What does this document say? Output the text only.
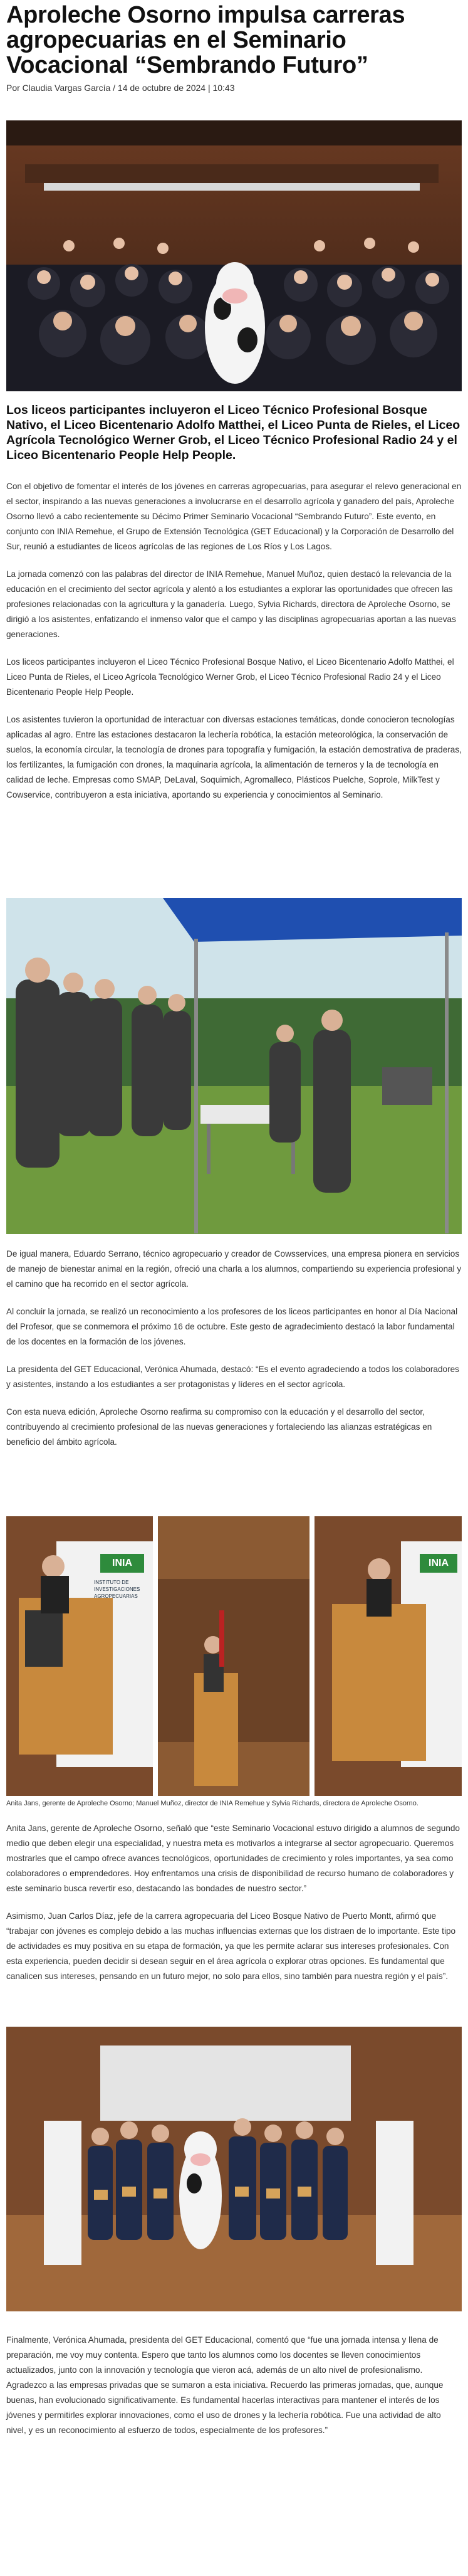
Aproleche Osorno impulsa carreras agropecuarias en el Seminario Vocacional “Sembrando Futuro”
Por Claudia Vargas García / 14 de octubre de 2024 | 10:43

Los liceos participantes incluyeron el Liceo Técnico Profesional Bosque Nativo, el Liceo Bicentenario Adolfo Matthei, el Liceo Punta de Rieles, el Liceo Agrícola Tecnológico Werner Grob, el Liceo Técnico Profesional Radio 24 y el Liceo Bicentenario People Help People.

Con el objetivo de fomentar el interés de los jóvenes en carreras agropecuarias, para asegurar el relevo generacional en el sector, inspirando a las nuevas generaciones a involucrarse en el desarrollo agrícola y ganadero del país, Aproleche Osorno llevó a cabo recientemente su Décimo Primer Seminario Vocacional “Sembrando Futuro”. Este evento, en conjunto con INIA Remehue, el Grupo de Extensión Tecnológica (GET Educacional) y la Corporación de Desarrollo del Sur, reunió a estudiantes de liceos agrícolas de las regiones de Los Ríos y Los Lagos.

La jornada comenzó con las palabras del director de INIA Remehue, Manuel Muñoz, quien destacó la relevancia de la educación en el crecimiento del sector agrícola y alentó a los estudiantes a explorar las oportunidades que ofrecen las profesiones relacionadas con la agricultura y la ganadería. Luego, Sylvia Richards, directora de Aproleche Osorno, se dirigió a los asistentes, enfatizando el inmenso valor que el campo y las disciplinas agropecuarias aportan a las nuevas generaciones.

Los liceos participantes incluyeron el Liceo Técnico Profesional Bosque Nativo, el Liceo Bicentenario Adolfo Matthei, el Liceo Punta de Rieles, el Liceo Agrícola Tecnológico Werner Grob, el Liceo Técnico Profesional Radio 24 y el Liceo Bicentenario People Help People.

Los asistentes tuvieron la oportunidad de interactuar con diversas estaciones temáticas, donde conocieron tecnologías aplicadas al agro. Entre las estaciones destacaron la lechería robótica, la estación meteorológica, la conservación de suelos, la economía circular, la tecnología de drones para topografía y fumigación, la estación demostrativa de praderas, los fertilizantes, la fumigación con drones, la maquinaria agrícola, la alimentación de terneros y la de tecnología en calidad de leche. Empresas como SMAP, DeLaval, Soquimich, Agromalleco, Plásticos Puelche, Soprole, MilkTest y Cowservice, contribuyeron a esta iniciativa, aportando su experiencia y conocimientos al Seminario.

De igual manera, Eduardo Serrano, técnico agropecuario y creador de Cowsservices, una empresa pionera en servicios de manejo de bienestar animal en la región, ofreció una charla a los alumnos, compartiendo su experiencia profesional y el camino que ha recorrido en el sector agrícola.

Al concluir la jornada, se realizó un reconocimiento a los profesores de los liceos participantes en honor al Día Nacional del Profesor, que se conmemora el próximo 16 de octubre. Este gesto de agradecimiento destacó la labor fundamental de los docentes en la formación de los jóvenes.

La presidenta del GET Educacional, Verónica Ahumada, destacó: “Es el evento agradeciendo a todos los colaboradores y asistentes, instando a los estudiantes a ser protagonistas y líderes en el sector agrícola.

Con esta nueva edición, Aproleche Osorno reafirma su compromiso con la educación y el desarrollo del sector, contribuyendo al crecimiento profesional de las nuevas generaciones y fortaleciendo las alianzas estratégicas en beneficio del ámbito agrícola.

INIA
INSTITUTO DE INVESTIGACIONES AGROPECUARIAS
INIA
Anita Jans, gerente de Aproleche Osorno; Manuel Muñoz, director de INIA Remehue y Sylvia Richards, directora de Aproleche Osorno.

Anita Jans, gerente de Aproleche Osorno, señaló que “este Seminario Vocacional estuvo dirigido a alumnos de segundo medio que deben elegir una especialidad, y nuestra meta es motivarlos a integrarse al sector agropecuario. Queremos mostrarles que el campo ofrece avances tecnológicos, oportunidades de crecimiento y roles importantes, ya sea como colaboradores o emprendedores. Hoy enfrentamos una crisis de disponibilidad de recurso humano de colaboradores y este seminario busca revertir eso, destacando las bondades de nuestro sector.”

Asimismo, Juan Carlos Díaz, jefe de la carrera agropecuaria del Liceo Bosque Nativo de Puerto Montt, afirmó que “trabajar con jóvenes es complejo debido a las muchas influencias externas que los distraen de lo importante. Este tipo de actividades es muy positiva en su etapa de formación, ya que les permite aclarar sus intereses profesionales. Con esta experiencia, pueden decidir si desean seguir en el área agrícola o explorar otras opciones. Es fundamental que canalicen sus intereses, pensando en un futuro mejor, no solo para ellos, sino también para nuestra región y el país”.

Finalmente, Verónica Ahumada, presidenta del GET Educacional, comentó que “fue una jornada intensa y llena de preparación, me voy muy contenta. Espero que tanto los alumnos como los docentes se lleven conocimientos actualizados, junto con la innovación y tecnología que vieron acá, además de un alto nivel de profesionalismo. Agradezco a las empresas privadas que se sumaron a esta iniciativa. Recuerdo las primeras jornadas, que, aunque buenas, han evolucionado significativamente. Es fundamental hacerlas interactivas para mantener el interés de los jóvenes y permitirles explorar innovaciones, como el uso de drones y la lechería robótica. Fue una actividad de alto nivel, y es un reconocimiento al esfuerzo de todos, especialmente de los profesores.”
